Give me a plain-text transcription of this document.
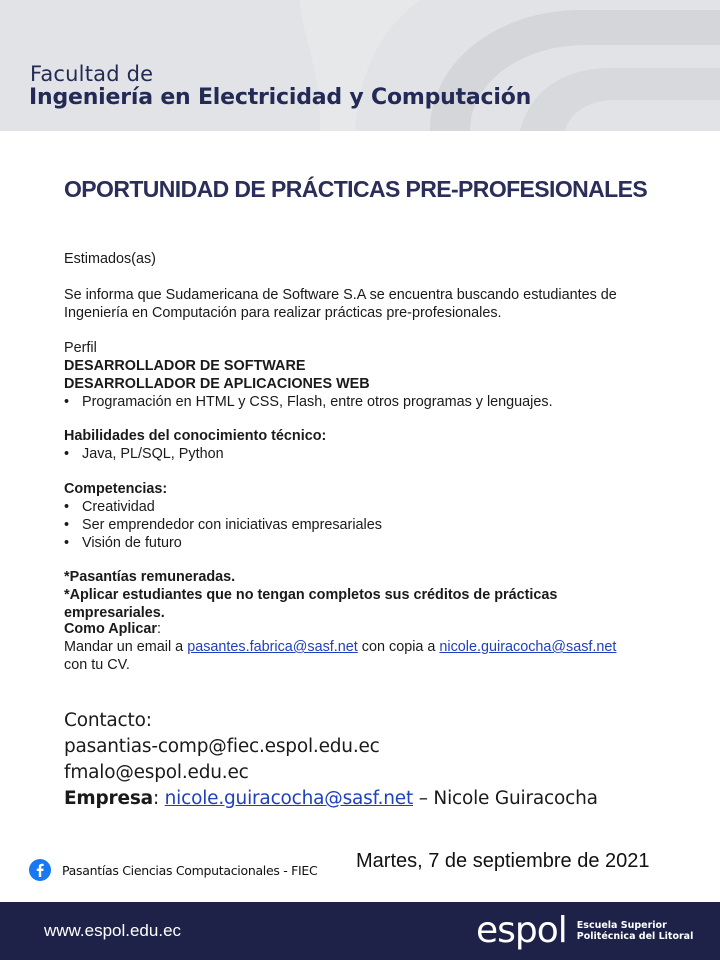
Facultad de
Ingeniería en Electricidad y Computación
OPORTUNIDAD DE PRÁCTICAS PRE-PROFESIONALES

Estimados(as)

Se informa que Sudamericana de Software S.A se encuentra buscando estudiantes de Ingeniería en Computación para realizar prácticas pre-profesionales.

Perfil

DESARROLLADOR DE SOFTWARE

DESARROLLADOR DE APLICACIONES WEB

• Programación en HTML y CSS, Flash, entre otros programas y lenguajes.

Habilidades del conocimiento técnico:

• Java, PL/SQL, Python

Competencias:

• Creatividad

• Ser emprendedor con iniciativas empresariales

• Visión de futuro

*Pasantías remuneradas.

*Aplicar estudiantes que no tengan completos sus créditos de prácticas empresariales.

Como Aplicar:

Mandar un email a pasantes.fabrica@sasf.net con copia a nicole.guiracocha@sasf.net

con tu CV.

Contacto:

pasantias-comp@fiec.espol.edu.ec

fmalo@espol.edu.ec

Empresa: nicole.guiracocha@sasf.net – Nicole Guiracocha

Pasantías Ciencias Computacionales - FIEC Martes, 7 de septiembre de 2021
www.espol.edu.ec	espol Escuela Superior
Politécnica del Litoral
